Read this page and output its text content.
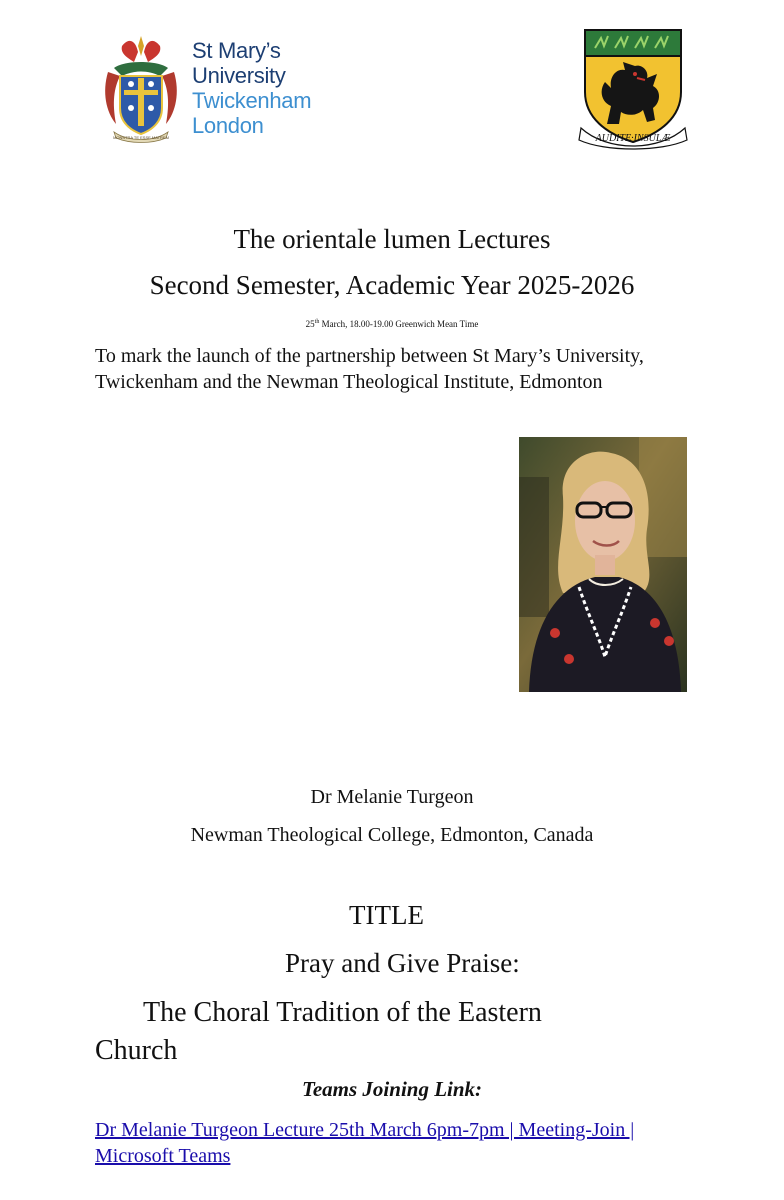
MONSTRA TE ESSE MATREM
St Mary’s
University
Twickenham
London
AUDITE·INSULÆ
The orientale lumen Lectures
Second Semester, Academic Year 2025-2026
25th March, 18.00-19.00 Greenwich Mean Time
To mark the launch of the partnership between St Mary’s University, Twickenham and the Newman Theological Institute, Edmonton
Dr Melanie Turgeon
Newman Theological College, Edmonton, Canada
TITLE
Pray and Give Praise:
The Choral Tradition of the Eastern Church
Teams Joining Link:
Dr Melanie Turgeon Lecture 25th March 6pm-7pm | Meeting-Join | Microsoft Teams
